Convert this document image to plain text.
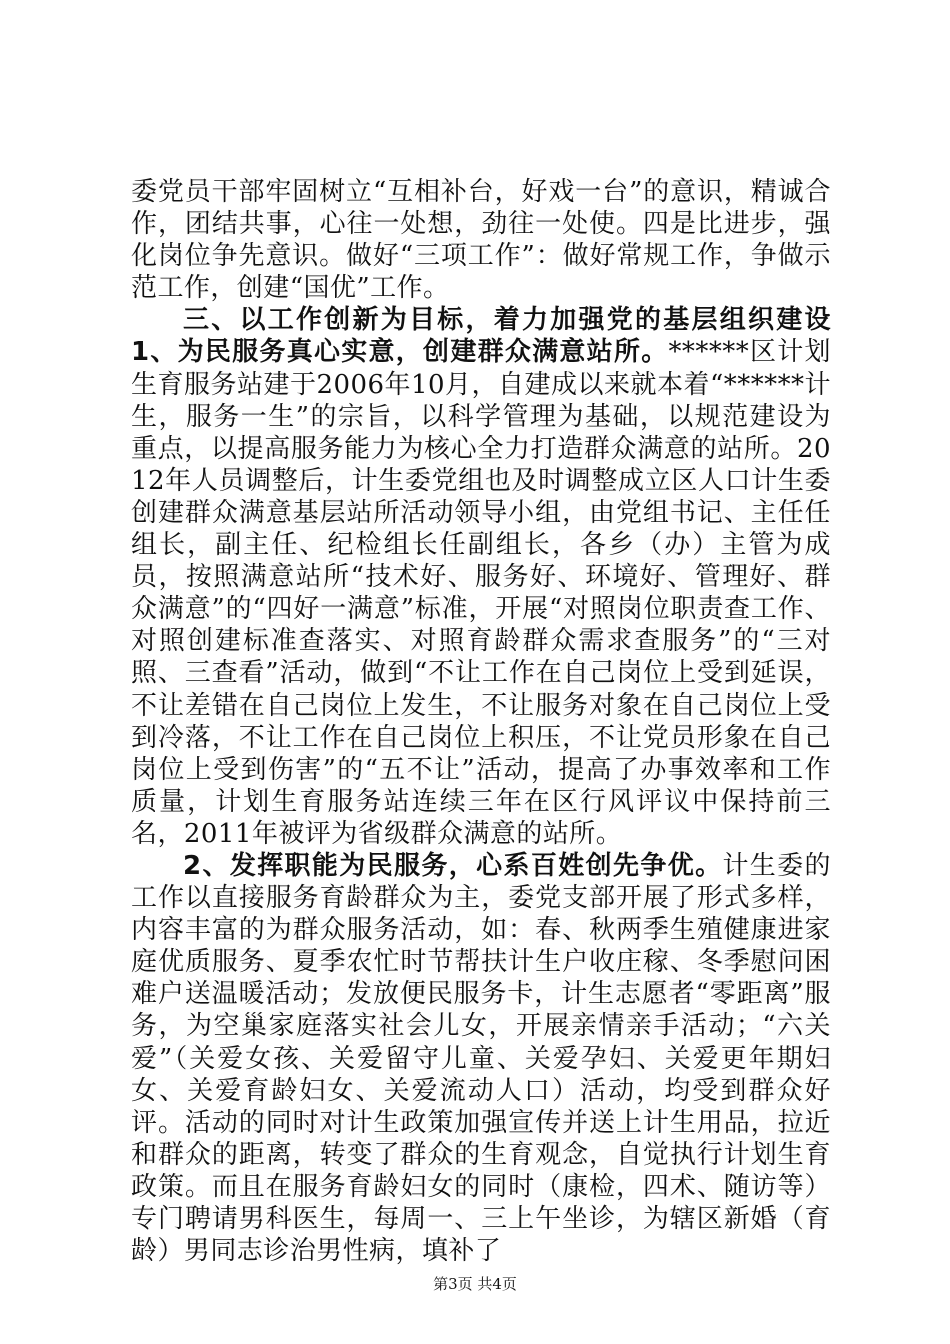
委党员干部牢固树立“互相补台，好戏一台”的意识，精诚合作，团结共事，心往一处想，劲往一处使。四是比进步，强化岗位争先意识。做好“三项工作”：做好常规工作，争做示范工作，创建“国优”工作。

三、以工作创新为目标，着力加强党的基层组织建设1、为民服务真心实意，创建群众满意站所。******区计划生育服务站建于2006年10月，自建成以来就本着“******计生，服务一生”的宗旨，以科学管理为基础，以规范建设为重点，以提高服务能力为核心全力打造群众满意的站所。2012年人员调整后，计生委党组也及时调整成立区人口计生委创建群众满意基层站所活动领导小组，由党组书记、主任任组长，副主任、纪检组长任副组长，各乡（办）主管为成员，按照满意站所“技术好、服务好、环境好、管理好、群众满意”的“四好一满意”标准，开展“对照岗位职责查工作、对照创建标准查落实、对照育龄群众需求查服务”的“三对照、三查看”活动，做到“不让工作在自己岗位上受到延误，不让差错在自己岗位上发生，不让服务对象在自己岗位上受到冷落，不让工作在自己岗位上积压，不让党员形象在自己岗位上受到伤害”的“五不让”活动，提高了办事效率和工作质量，计划生育服务站连续三年在区行风评议中保持前三名，2011年被评为省级群众满意的站所。

2、发挥职能为民服务，心系百姓创先争优。计生委的工作以直接服务育龄群众为主，委党支部开展了形式多样，内容丰富的为群众服务活动，如：春、秋两季生殖健康进家庭优质服务、夏季农忙时节帮扶计生户收庄稼、冬季慰问困难户送温暖活动；发放便民服务卡，计生志愿者“零距离”服务，为空巢家庭落实社会儿女，开展亲情亲手活动；“六关爱”（关爱女孩、关爱留守儿童、关爱孕妇、关爱更年期妇女、关爱育龄妇女、关爱流动人口）活动，均受到群众好评。活动的同时对计生政策加强宣传并送上计生用品，拉近和群众的距离，转变了群众的生育观念，自觉执行计划生育政策。而且在服务育龄妇女的同时（康检，四术、随访等）专门聘请男科医生，每周一、三上午坐诊，为辖区新婚（育龄）男同志诊治男性病，填补了

第3页 共4页
